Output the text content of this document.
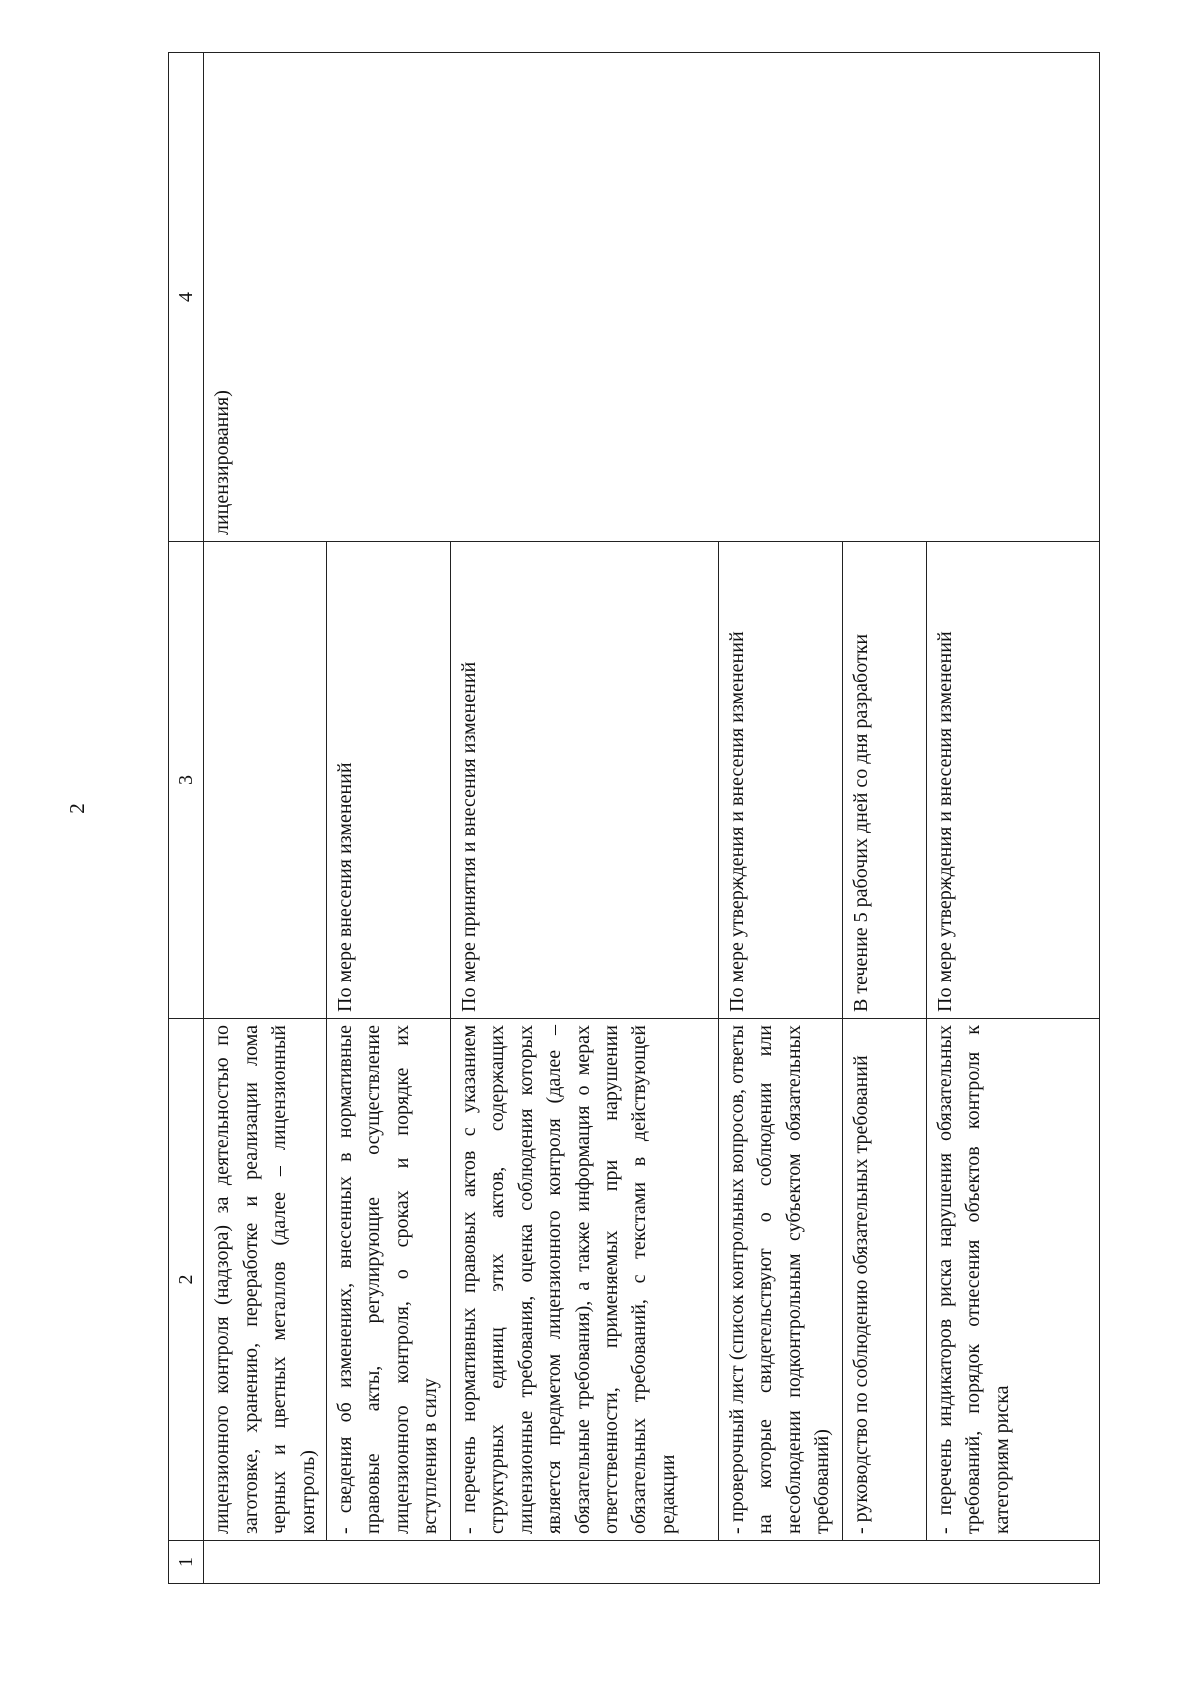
2
1	2	3	4
	лицензионного контроля (надзора) за деятельностью по заготовке, хранению, переработке и реализации лома черных и цветных металлов (далее – лицензионный контроль)		лицензирования)
	- сведения об изменениях, внесенных в нормативные правовые акты, регулирующие осуществление лицензионного контроля, о сроках и порядке их вступления в силу	По мере внесения изменений	
	- перечень нормативных правовых актов с указанием структурных единиц этих актов, содержащих лицензионные требования, оценка соблюдения которых является предметом лицензионного контроля (далее – обязательные требования), а также информация о мерах ответственности, применяемых при нарушении обязательных требований, с текстами в действующей редакции	По мере принятия и внесения изменений	
	- проверочный лист (список контрольных вопросов, ответы на которые свидетельствуют о соблюдении или несоблюдении подконтрольным субъектом обязательных требований)	По мере утверждения и внесения изменений	
	- руководство по соблюдению обязательных требований	В течение 5 рабочих дней со дня разработки	
	- перечень индикаторов риска нарушения обязательных требований, порядок отнесения объектов контроля к категориям риска	По мере утверждения и внесения изменений	
